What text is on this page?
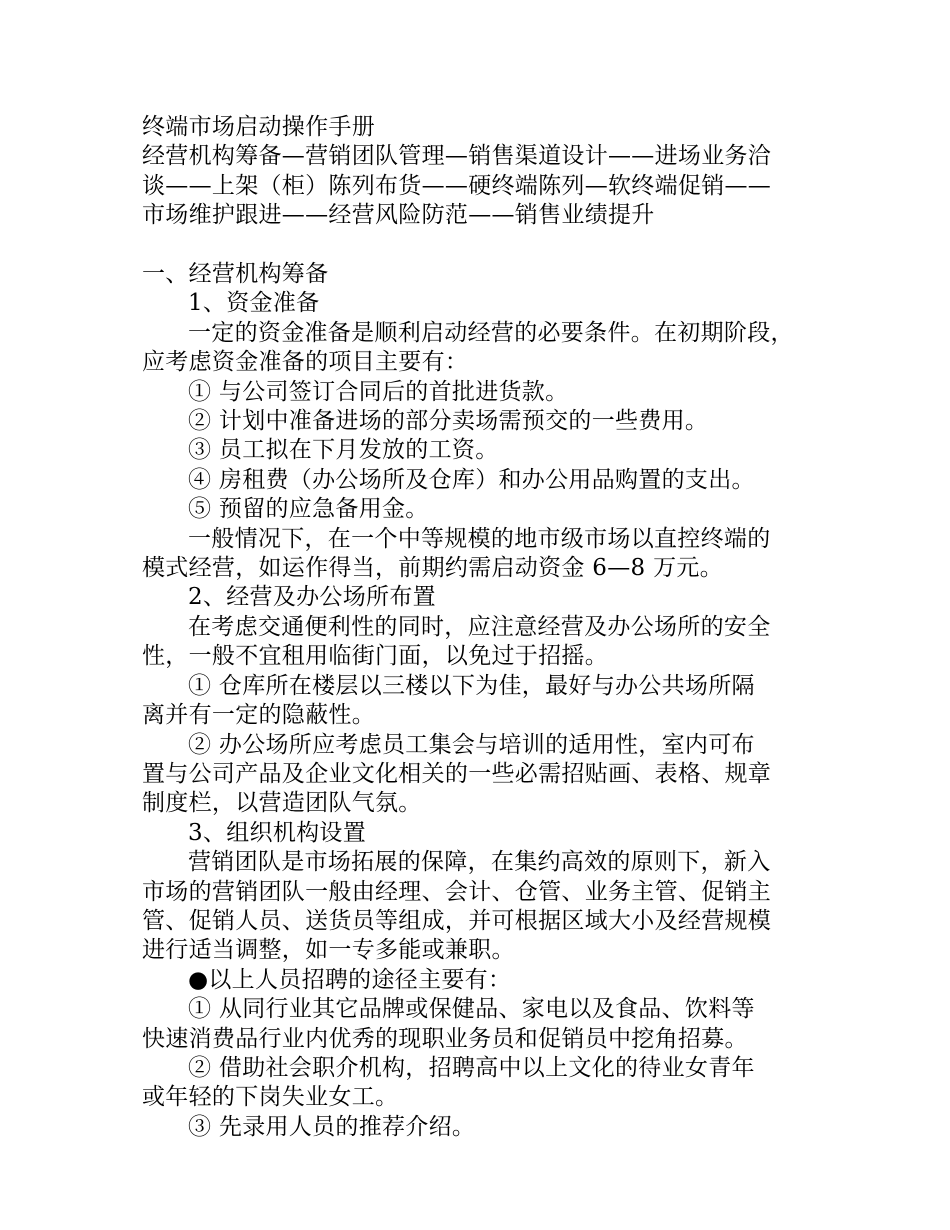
终端市场启动操作手册
经营机构筹备—营销团队管理—销售渠道设计——进场业务洽
谈——上架（柜）陈列布货——硬终端陈列—软终端促销——
市场维护跟进——经营风险防范——销售业绩提升
一、经营机构筹备
1、资金准备
一定的资金准备是顺利启动经营的必要条件。在初期阶段，
应考虑资金准备的项目主要有：
① 与公司签订合同后的首批进货款。
② 计划中准备进场的部分卖场需预交的一些费用。
③ 员工拟在下月发放的工资。
④ 房租费（办公场所及仓库）和办公用品购置的支出。
⑤ 预留的应急备用金。
一般情况下，在一个中等规模的地市级市场以直控终端的
模式经营，如运作得当，前期约需启动资金 6—8 万元。
2、经营及办公场所布置
在考虑交通便利性的同时，应注意经营及办公场所的安全
性，一般不宜租用临街门面，以免过于招摇。
① 仓库所在楼层以三楼以下为佳，最好与办公共场所隔
离并有一定的隐蔽性。
② 办公场所应考虑员工集会与培训的适用性，室内可布
置与公司产品及企业文化相关的一些必需招贴画、表格、规章
制度栏，以营造团队气氛。
3、组织机构设置
营销团队是市场拓展的保障，在集约高效的原则下，新入
市场的营销团队一般由经理、会计、仓管、业务主管、促销主
管、促销人员、送货员等组成，并可根据区域大小及经营规模
进行适当调整，如一专多能或兼职。
●以上人员招聘的途径主要有：
① 从同行业其它品牌或保健品、家电以及食品、饮料等
快速消费品行业内优秀的现职业务员和促销员中挖角招募。
② 借助社会职介机构，招聘高中以上文化的待业女青年
或年轻的下岗失业女工。
③ 先录用人员的推荐介绍。
